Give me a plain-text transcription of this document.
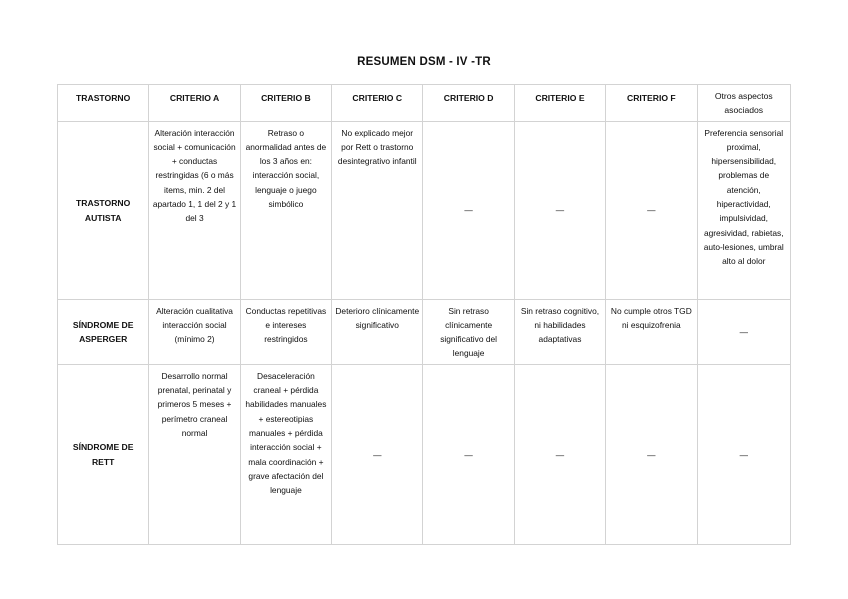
RESUMEN DSM - IV -TR
TRASTORNO	CRITERIO A	CRITERIO B	CRITERIO C	CRITERIO D	CRITERIO E	CRITERIO F	Otros aspectos asociados
TRASTORNO AUTISTA	Alteración interacción social + comunicación + conductas restringidas (6 o más items, min. 2 del apartado 1, 1 del 2 y 1 del 3	Retraso o anormalidad antes de los 3 años en: interacción social, lenguaje o juego simbólico	No explicado mejor por Rett o trastorno desintegrativo infantil	—	—	—	Preferencia sensorial proximal, hipersensibilidad, problemas de atención, hiperactividad, impulsividad, agresividad, rabietas, auto-lesiones, umbral alto al dolor
SÍNDROME DE ASPERGER	Alteración cualitativa interacción social (mínimo 2)	Conductas repetitivas e intereses restringidos	Deterioro clínicamente significativo	Sin retraso clínicamente significativo del lenguaje	Sin retraso cognitivo, ni habilidades adaptativas	No cumple otros TGD ni esquizofrenia	—
SÍNDROME DE RETT	Desarrollo normal prenatal, perinatal y primeros 5 meses + perímetro craneal normal	Desaceleración craneal + pérdida habilidades manuales + estereotipias manuales + pérdida interacción social + mala coordinación + grave afectación del lenguaje	—	—	—	—	—
